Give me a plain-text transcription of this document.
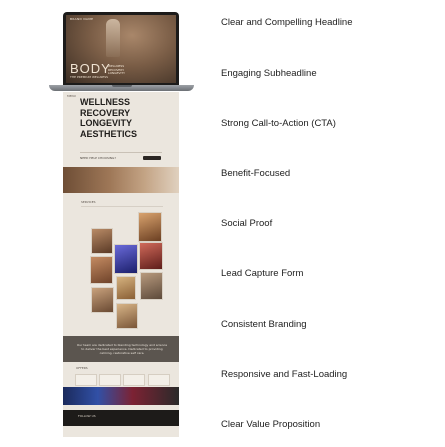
BRAND NAME
BODY
WELLNESS
RECOVERY
LONGEVITY
THE PREMIUM WELLNESS
MENU
WELLNESS
RECOVERY
LONGEVITY
AESTHETICS
NEED HELP CHOOSING?
SERVICES
Our team are dedicated to blending technology and science to deliver the best experience. Dedicated to providing calming, restorative self care.
OFFERS
FOLLOW US
Clear and Compelling Headline
Engaging Subheadline
Strong Call-to-Action (CTA)
Benefit-Focused
Social Proof
Lead Capture Form
Consistent Branding
Responsive and Fast-Loading
Clear Value Proposition
